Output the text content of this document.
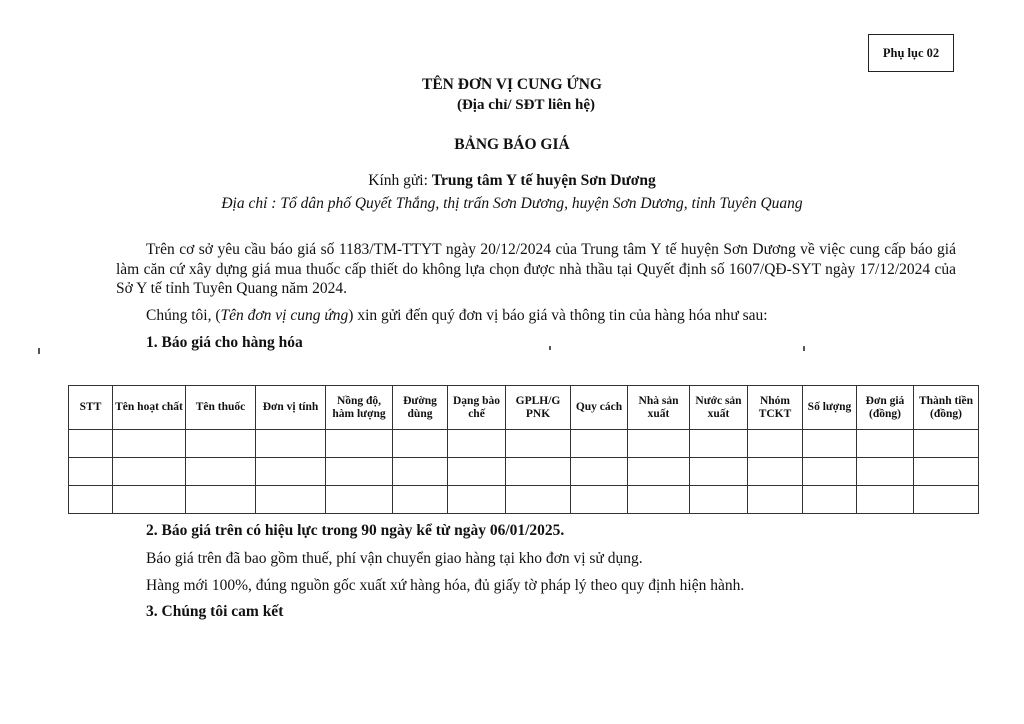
Phụ lục 02
TÊN ĐƠN VỊ CUNG ỨNG
(Địa chỉ/ SĐT liên hệ)
BẢNG BÁO GIÁ
Kính gửi: Trung tâm Y tế huyện Sơn Dương
Địa chỉ : Tổ dân phố Quyết Thắng, thị trấn Sơn Dương, huyện Sơn Dương, tỉnh Tuyên Quang
Trên cơ sở yêu cầu báo giá số 1183/TM-TTYT ngày 20/12/2024 của Trung tâm Y tế huyện Sơn Dương về việc cung cấp báo giá làm căn cứ xây dựng giá mua thuốc cấp thiết do không lựa chọn được nhà thầu tại Quyết định số 1607/QĐ-SYT ngày 17/12/2024 của Sở Y tế tỉnh Tuyên Quang năm 2024.
Chúng tôi, (Tên đơn vị cung ứng) xin gửi đến quý đơn vị báo giá và thông tin của hàng hóa như sau:
1. Báo giá cho hàng hóa
STT	Tên hoạt chất	Tên thuốc	Đơn vị tính	Nồng độ, hàm lượng	Đường dùng	Dạng bào chế	GPLH/G PNK	Quy cách	Nhà sản xuất	Nước sản xuất	Nhóm TCKT	Số lượng	Đơn giá (đồng)	Thành tiền (đồng)

2. Báo giá trên có hiệu lực trong 90 ngày kể từ ngày 06/01/2025.
Báo giá trên đã bao gồm thuế, phí vận chuyển giao hàng tại kho đơn vị sử dụng.
Hàng mới 100%, đúng nguồn gốc xuất xứ hàng hóa, đủ giấy tờ pháp lý theo quy định hiện hành.
3. Chúng tôi cam kết
